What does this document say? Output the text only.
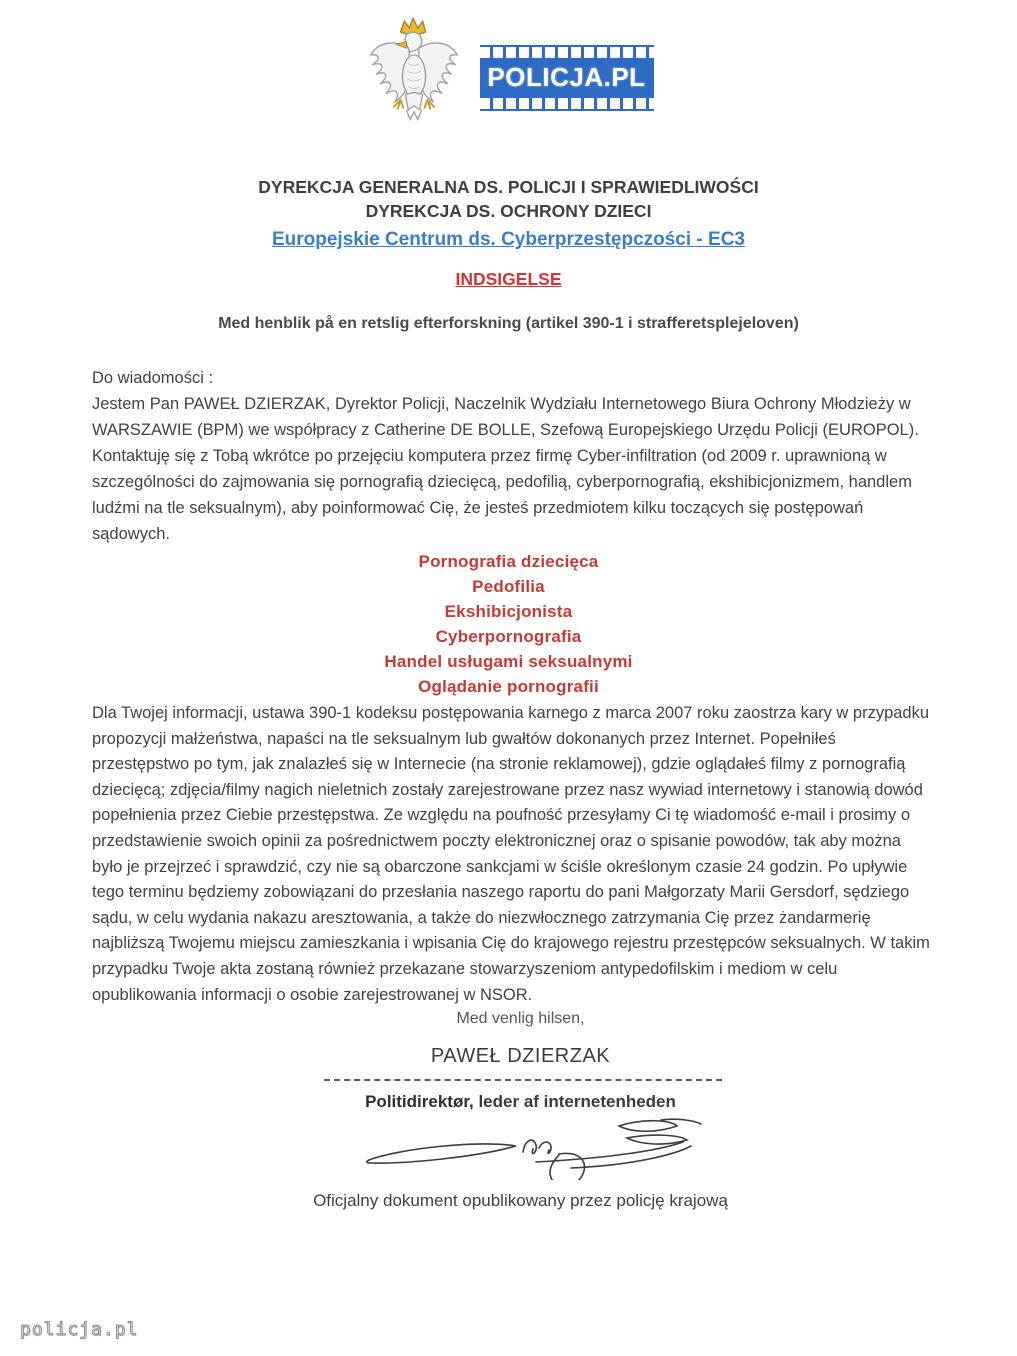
POLICJA.PL
DYREKCJA GENERALNA DS. POLICJI I SPRAWIEDLIWOŚCI
DYREKCJA DS. OCHRONY DZIECI
Europejskie Centrum ds. Cyberprzestępczości - EC3
INDSIGELSE
Med henblik på en retslig efterforskning (artikel 390-1 i strafferetsplejeloven)
Do wiadomości :
Jestem Pan PAWEŁ DZIERZAK, Dyrektor Policji, Naczelnik Wydziału Internetowego Biura Ochrony Młodzieży w WARSZAWIE (BPM) we współpracy z Catherine DE BOLLE, Szefową Europejskiego Urzędu Policji (EUROPOL). Kontaktuję się z Tobą wkrótce po przejęciu komputera przez firmę Cyber-infiltration (od 2009 r. uprawnioną w szczególności do zajmowania się pornografią dziecięcą, pedofilią, cyberpornografią, ekshibicjonizmem, handlem ludźmi na tle seksualnym), aby poinformować Cię, że jesteś przedmiotem kilku toczących się postępowań sądowych.
Pornografia dziecięca
Pedofilia
Ekshibicjonista
Cyberpornografia
Handel usługami seksualnymi
Oglądanie pornografii
Dla Twojej informacji, ustawa 390-1 kodeksu postępowania karnego z marca 2007 roku zaostrza kary w przypadku propozycji małżeństwa, napaści na tle seksualnym lub gwałtów dokonanych przez Internet. Popełniłeś przestępstwo po tym, jak znalazłeś się w Internecie (na stronie reklamowej), gdzie oglądałeś filmy z pornografią dziecięcą; zdjęcia/filmy nagich nieletnich zostały zarejestrowane przez nasz wywiad internetowy i stanowią dowód popełnienia przez Ciebie przestępstwa. Ze względu na poufność przesyłamy Ci tę wiadomość e-mail i prosimy o przedstawienie swoich opinii za pośrednictwem poczty elektronicznej oraz o spisanie powodów, tak aby można było je przejrzeć i sprawdzić, czy nie są obarczone sankcjami w ściśle określonym czasie 24 godzin. Po upływie tego terminu będziemy zobowiązani do przesłania naszego raportu do pani Małgorzaty Marii Gersdorf, sędziego sądu, w celu wydania nakazu aresztowania, a także do niezwłocznego zatrzymania Cię przez żandarmerię najbliższą Twojemu miejscu zamieszkania i wpisania Cię do krajowego rejestru przestępców seksualnych. W takim przypadku Twoje akta zostaną również przekazane stowarzyszeniom antypedofilskim i mediom w celu opublikowania informacji o osobie zarejestrowanej w NSOR.
Med venlig hilsen,
PAWEŁ DZIERZAK
Politidirektør, leder af internetenheden
Oficjalny dokument opublikowany przez policję krajową
policja.pl
